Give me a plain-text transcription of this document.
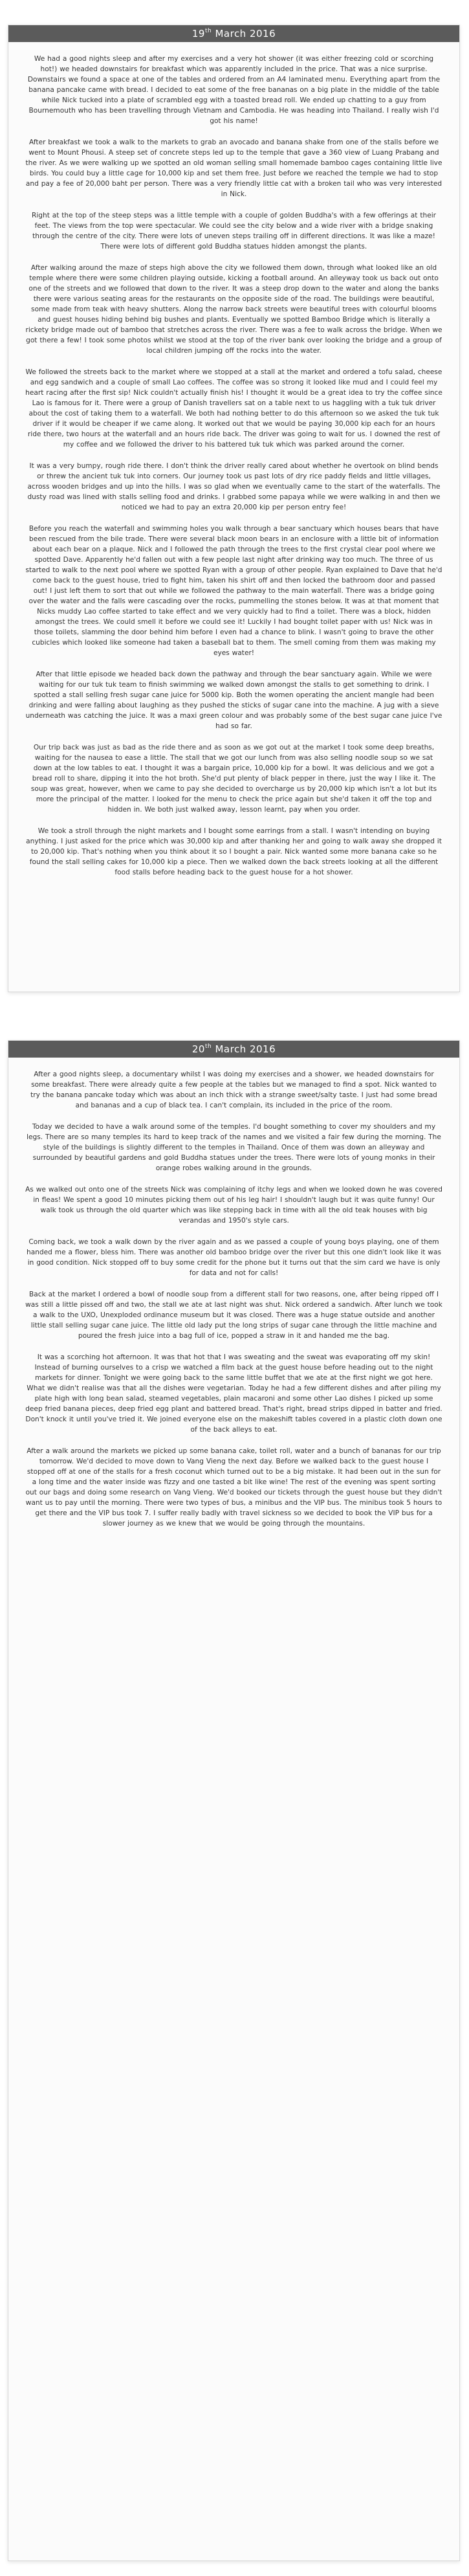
19th
March 2016

We had a good nights sleep and after my exercises and a very hot shower (it was either freezing cold or scorching hot!) we headed downstairs for breakfast which was apparently included in the price. That was a nice surprise. Downstairs we found a space at one of the tables and ordered from an A4 laminated menu. Everything apart from the banana pancake came with bread. I decided to eat some of the free bananas on a big plate in the middle of the table while Nick tucked into a plate of scrambled egg with a toasted bread roll. We ended up chatting to a guy from Bournemouth who has been travelling through Vietnam and Cambodia. He was heading into Thailand. I really wish I'd got his name!

After breakfast we took a walk to the markets to grab an avocado and banana shake from one of the stalls before we went to Mount Phousi. A steep set of concrete steps led up to the temple that gave a 360 view of Luang Prabang and the river. As we were walking up we spotted an old woman selling small homemade bamboo cages containing little live birds. You could buy a little cage for 10,000 kip and set them free. Just before we reached the temple we had to stop and pay a fee of 20,000 baht per person. There was a very friendly little cat with a broken tail who was very interested in Nick.

Right at the top of the steep steps was a little temple with a couple of golden Buddha's with a few offerings at their feet. The views from the top were spectacular. We could see the city below and a wide river with a bridge snaking through the centre of the city. There were lots of uneven steps trailing off in different directions. It was like a maze! There were lots of different gold Buddha statues hidden amongst the plants.

After walking around the maze of steps high above the city we followed them down, through what looked like an old temple where there were some children playing outside, kicking a football around. An alleyway took us back out onto one of the streets and we followed that down to the river. It was a steep drop down to the water and along the banks there were various seating areas for the restaurants on the opposite side of the road. The buildings were beautiful, some made from teak with heavy shutters. Along the narrow back streets were beautiful trees with colourful blooms and guest houses hiding behind big bushes and plants. Eventually we spotted Bamboo Bridge which is literally a rickety bridge made out of bamboo that stretches across the river. There was a fee to walk across the bridge. When we got there a few! I took some photos whilst we stood at the top of the river bank over looking the bridge and a group of local children jumping off the rocks into the water.

We followed the streets back to the market where we stopped at a stall at the market and ordered a tofu salad, cheese and egg sandwich and a couple of small Lao coffees. The coffee was so strong it looked like mud and I could feel my heart racing after the first sip! Nick couldn't actually finish his! I thought it would be a great idea to try the coffee since Lao is famous for it. There were a group of Danish travellers sat on a table next to us haggling with a tuk tuk driver about the cost of taking them to a waterfall. We both had nothing better to do this afternoon so we asked the tuk tuk driver if it would be cheaper if we came along. It worked out that we would be paying 30,000 kip each for an hours ride there, two hours at the waterfall and an hours ride back. The driver was going to wait for us. I downed the rest of my coffee and we followed the driver to his battered tuk tuk which was parked around the corner.

It was a very bumpy, rough ride there. I don't think the driver really cared about whether he overtook on blind bends or threw the ancient tuk tuk into corners. Our journey took us past lots of dry rice paddy fields and little villages, across wooden bridges and up into the hills. I was so glad when we eventually came to the start of the waterfalls. The dusty road was lined with stalls selling food and drinks. I grabbed some papaya while we were walking in and then we noticed we had to pay an extra 20,000 kip per person entry fee!

Before you reach the waterfall and swimming holes you walk through a bear sanctuary which houses bears that have been rescued from the bile trade. There were several black moon bears in an enclosure with a little bit of information about each bear on a plaque. Nick and I followed the path through the trees to the first crystal clear pool where we spotted Dave. Apparently he'd fallen out with a few people last night after drinking way too much. The three of us started to walk to the next pool where we spotted Ryan with a group of other people. Ryan explained to Dave that he'd come back to the guest house, tried to fight him, taken his shirt off and then locked the bathroom door and passed out! I just left them to sort that out while we followed the pathway to the main waterfall. There was a bridge going over the water and the falls were cascading over the rocks, pummelling the stones below. It was at that moment that Nicks muddy Lao coffee started to take effect and we very quickly had to find a toilet. There was a block, hidden amongst the trees. We could smell it before we could see it! Luckily I had bought toilet paper with us! Nick was in those toilets, slamming the door behind him before I even had a chance to blink. I wasn't going to brave the other cubicles which looked like someone had taken a baseball bat to them. The smell coming from them was making my eyes water!

After that little episode we headed back down the pathway and through the bear sanctuary again. While we were waiting for our tuk tuk team to finish swimming we walked down amongst the stalls to get something to drink. I spotted a stall selling fresh sugar cane juice for 5000 kip. Both the women operating the ancient mangle had been drinking and were falling about laughing as they pushed the sticks of sugar cane into the machine. A jug with a sieve underneath was catching the juice. It was a maxi green colour and was probably some of the best sugar cane juice I've had so far.

Our trip back was just as bad as the ride there and as soon as we got out at the market I took some deep breaths, waiting for the nausea to ease a little. The stall that we got our lunch from was also selling noodle soup so we sat down at the low tables to eat. I thought it was a bargain price, 10,000 kip for a bowl. It was delicious and we got a bread roll to share, dipping it into the hot broth. She'd put plenty of black pepper in there, just the way I like it. The soup was great, however, when we came to pay she decided to overcharge us by 20,000 kip which isn't a lot but its more the principal of the matter. I looked for the menu to check the price again but she'd taken it off the top and hidden in. We both just walked away, lesson learnt, pay when you order.

We took a stroll through the night markets and I bought some earrings from a stall. I wasn't intending on buying anything. I just asked for the price which was 30,000 kip and after thanking her and going to walk away she dropped it to 20,000 kip. That's nothing when you think about it so I bought a pair. Nick wanted some more banana cake so he found the stall selling cakes for 10,000 kip a piece. Then we walked down the back streets looking at all the different food stalls before heading back to the guest house for a hot shower.

20th
March 2016

After a good nights sleep, a documentary whilst I was doing my exercises and a shower, we headed downstairs for some breakfast. There were already quite a few people at the tables but we managed to find a spot. Nick wanted to try the banana pancake today which was about an inch thick with a strange sweet/salty taste. I just had some bread and bananas and a cup of black tea. I can't complain, its included in the price of the room.

Today we decided to have a walk around some of the temples. I'd bought something to cover my shoulders and my legs. There are so many temples its hard to keep track of the names and we visited a fair few during the morning. The style of the buildings is slightly different to the temples in Thailand. Once of them was down an alleyway and surrounded by beautiful gardens and gold Buddha statues under the trees. There were lots of young monks in their orange robes walking around in the grounds.

As we walked out onto one of the streets Nick was complaining of itchy legs and when we looked down he was covered in fleas! We spent a good 10 minutes picking them out of his leg hair! I shouldn't laugh but it was quite funny! Our walk took us through the old quarter which was like stepping back in time with all the old teak houses with big verandas and 1950's style cars.

Coming back, we took a walk down by the river again and as we passed a couple of young boys playing, one of them handed me a flower, bless him. There was another old bamboo bridge over the river but this one didn't look like it was in good condition. Nick stopped off to buy some credit for the phone but it turns out that the sim card we have is only for data and not for calls!

Back at the market I ordered a bowl of noodle soup from a different stall for two reasons, one, after being ripped off I was still a little pissed off and two, the stall we ate at last night was shut. Nick ordered a sandwich. After lunch we took a walk to the UXO, Unexploded ordinance museum but it was closed. There was a huge statue outside and another little stall selling sugar cane juice. The little old lady put the long strips of sugar cane through the little machine and poured the fresh juice into a bag full of ice, popped a straw in it and handed me the bag.

It was a scorching hot afternoon. It was that hot that I was sweating and the sweat was evaporating off my skin! Instead of burning ourselves to a crisp we watched a film back at the guest house before heading out to the night markets for dinner. Tonight we were going back to the same little buffet that we ate at the first night we got here. What we didn't realise was that all the dishes were vegetarian. Today he had a few different dishes and after piling my plate high with long bean salad, steamed vegetables, plain macaroni and some other Lao dishes I picked up some deep fried banana pieces, deep fried egg plant and battered bread. That's right, bread strips dipped in batter and fried. Don't knock it until you've tried it. We joined everyone else on the makeshift tables covered in a plastic cloth down one of the back alleys to eat.

After a walk around the markets we picked up some banana cake, toilet roll, water and a bunch of bananas for our trip tomorrow. We'd decided to move down to Vang Vieng the next day. Before we walked back to the guest house I stopped off at one of the stalls for a fresh coconut which turned out to be a big mistake. It had been out in the sun for a long time and the water inside was fizzy and one tasted a bit like wine! The rest of the evening was spent sorting out our bags and doing some research on Vang Vieng. We'd booked our tickets through the guest house but they didn't want us to pay until the morning. There were two types of bus, a minibus and the VIP bus. The minibus took 5 hours to get there and the VIP bus took 7. I suffer really badly with travel sickness so we decided to book the VIP bus for a slower journey as we knew that we would be going through the mountains.
